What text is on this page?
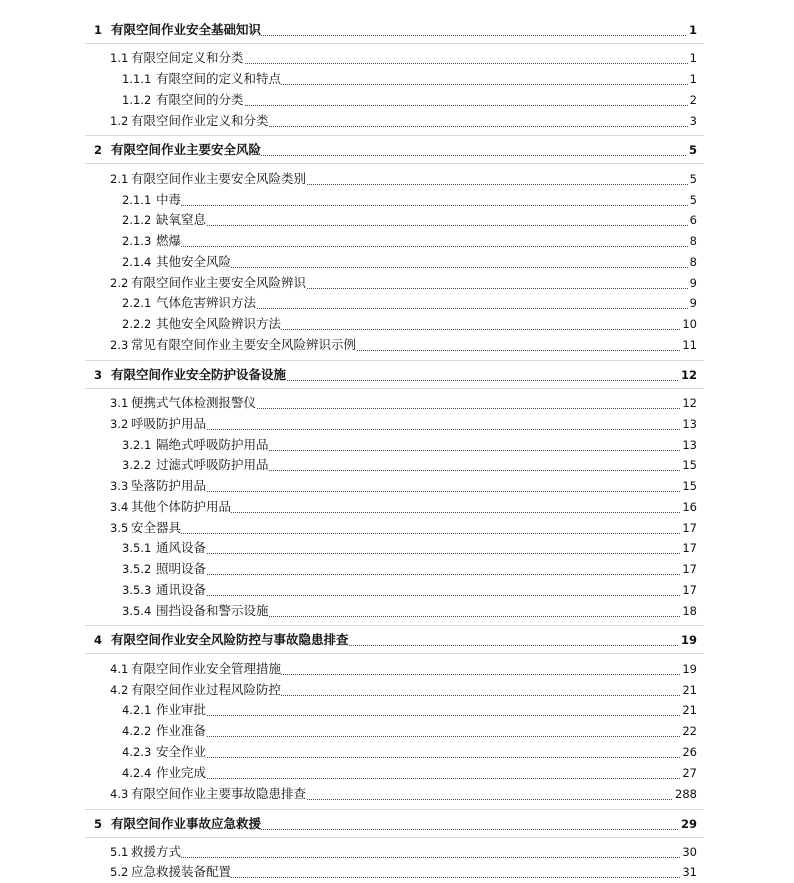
1 有限空间作业安全基础知识	1
1.1 有限空间定义和分类	1
1.1.1 有限空间的定义和特点	1
1.1.2 有限空间的分类	2
1.2 有限空间作业定义和分类	3
2 有限空间作业主要安全风险	5
2.1 有限空间作业主要安全风险类别	5
2.1.1 中毒	5
2.1.2 缺氧窒息	6
2.1.3 燃爆	8
2.1.4 其他安全风险	8
2.2 有限空间作业主要安全风险辨识	9
2.2.1 气体危害辨识方法	9
2.2.2 其他安全风险辨识方法	10
2.3 常见有限空间作业主要安全风险辨识示例	11
3 有限空间作业安全防护设备设施	12
3.1 便携式气体检测报警仪	12
3.2 呼吸防护用品	13
3.2.1 隔绝式呼吸防护用品	13
3.2.2 过滤式呼吸防护用品	15
3.3 坠落防护用品	15
3.4 其他个体防护用品	16
3.5 安全器具	17
3.5.1 通风设备	17
3.5.2 照明设备	17
3.5.3 通讯设备	17
3.5.4 围挡设备和警示设施	18
4 有限空间作业安全风险防控与事故隐患排查	19
4.1 有限空间作业安全管理措施	19
4.2 有限空间作业过程风险防控	21
4.2.1 作业审批	21
4.2.2 作业准备	22
4.2.3 安全作业	26
4.2.4 作业完成	27
4.3 有限空间作业主要事故隐患排查	288
5 有限空间作业事故应急救援	29
5.1 救援方式	30
5.2 应急救援装备配置	31
